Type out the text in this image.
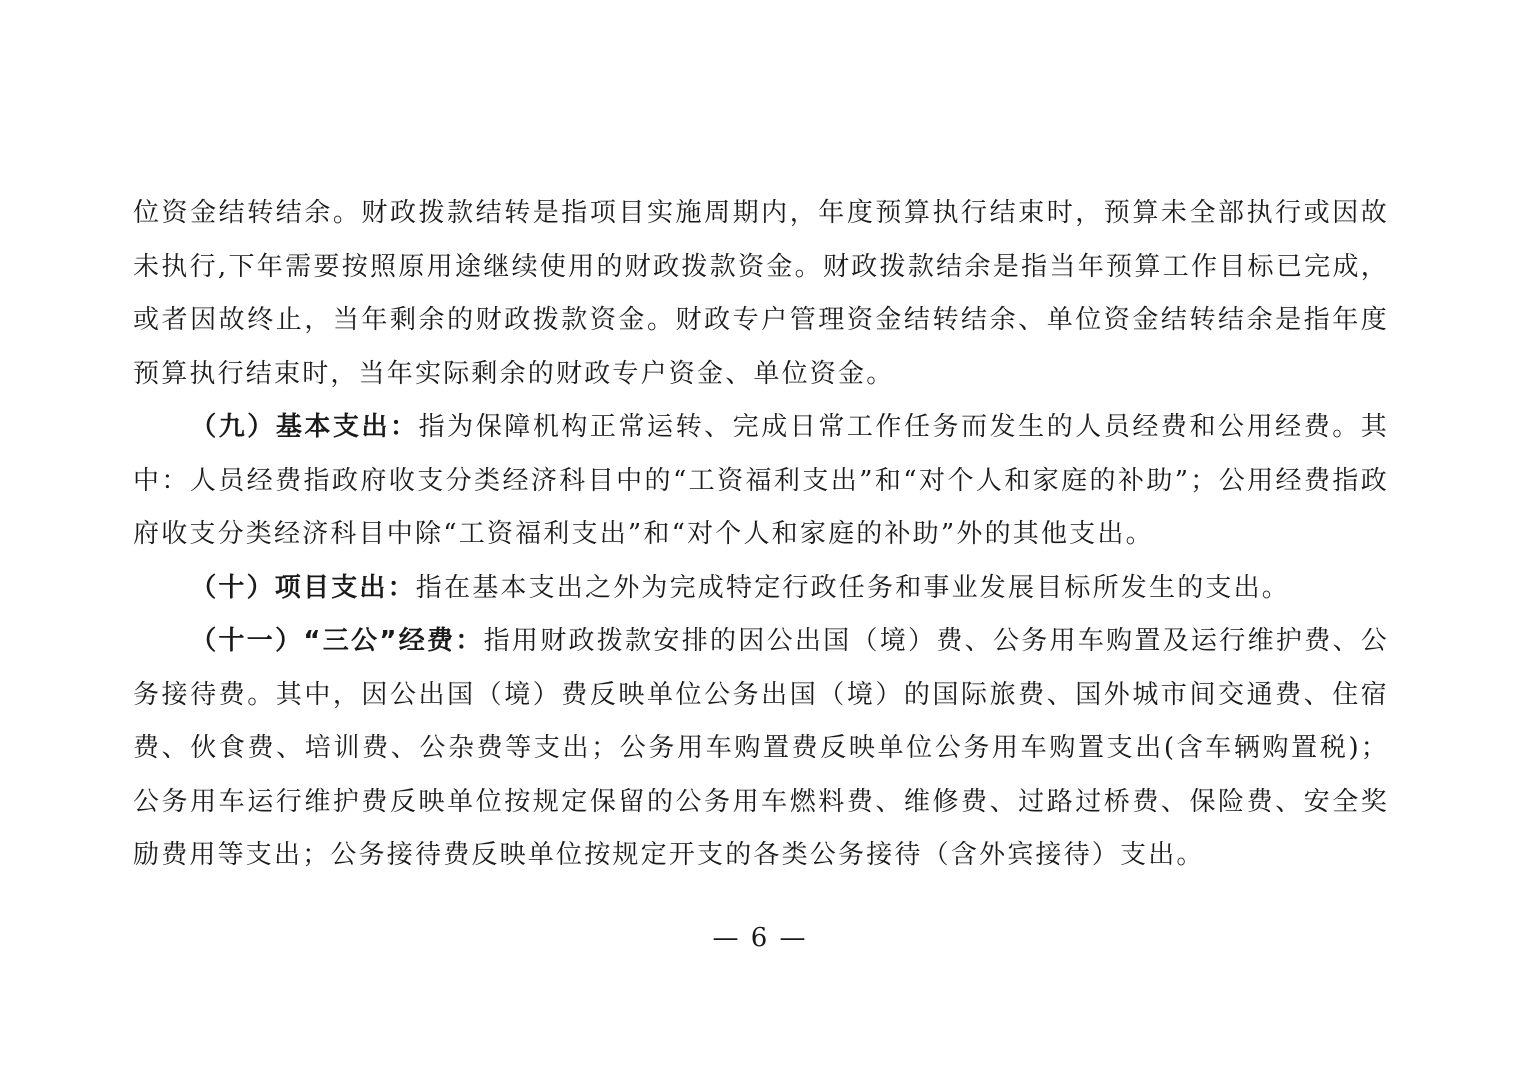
位资金结转结余。财政拨款结转是指项目实施周期内，年度预算执行结束时，预算未全部执行或因故未执行,下年需要按照原用途继续使用的财政拨款资金。财政拨款结余是指当年预算工作目标已完成，或者因故终止，当年剩余的财政拨款资金。财政专户管理资金结转结余、单位资金结转结余是指年度预算执行结束时，当年实际剩余的财政专户资金、单位资金。

（九）基本支出：指为保障机构正常运转、完成日常工作任务而发生的人员经费和公用经费。其中：人员经费指政府收支分类经济科目中的“工资福利支出”和“对个人和家庭的补助”；公用经费指政府收支分类经济科目中除“工资福利支出”和“对个人和家庭的补助”外的其他支出。

（十）项目支出：指在基本支出之外为完成特定行政任务和事业发展目标所发生的支出。

（十一）“三公”经费：指用财政拨款安排的因公出国（境）费、公务用车购置及运行维护费、公务接待费。其中，因公出国（境）费反映单位公务出国（境）的国际旅费、国外城市间交通费、住宿费、伙食费、培训费、公杂费等支出；公务用车购置费反映单位公务用车购置支出(含车辆购置税)；公务用车运行维护费反映单位按规定保留的公务用车燃料费、维修费、过路过桥费、保险费、安全奖励费用等支出；公务接待费反映单位按规定开支的各类公务接待（含外宾接待）支出。

— 6 —
